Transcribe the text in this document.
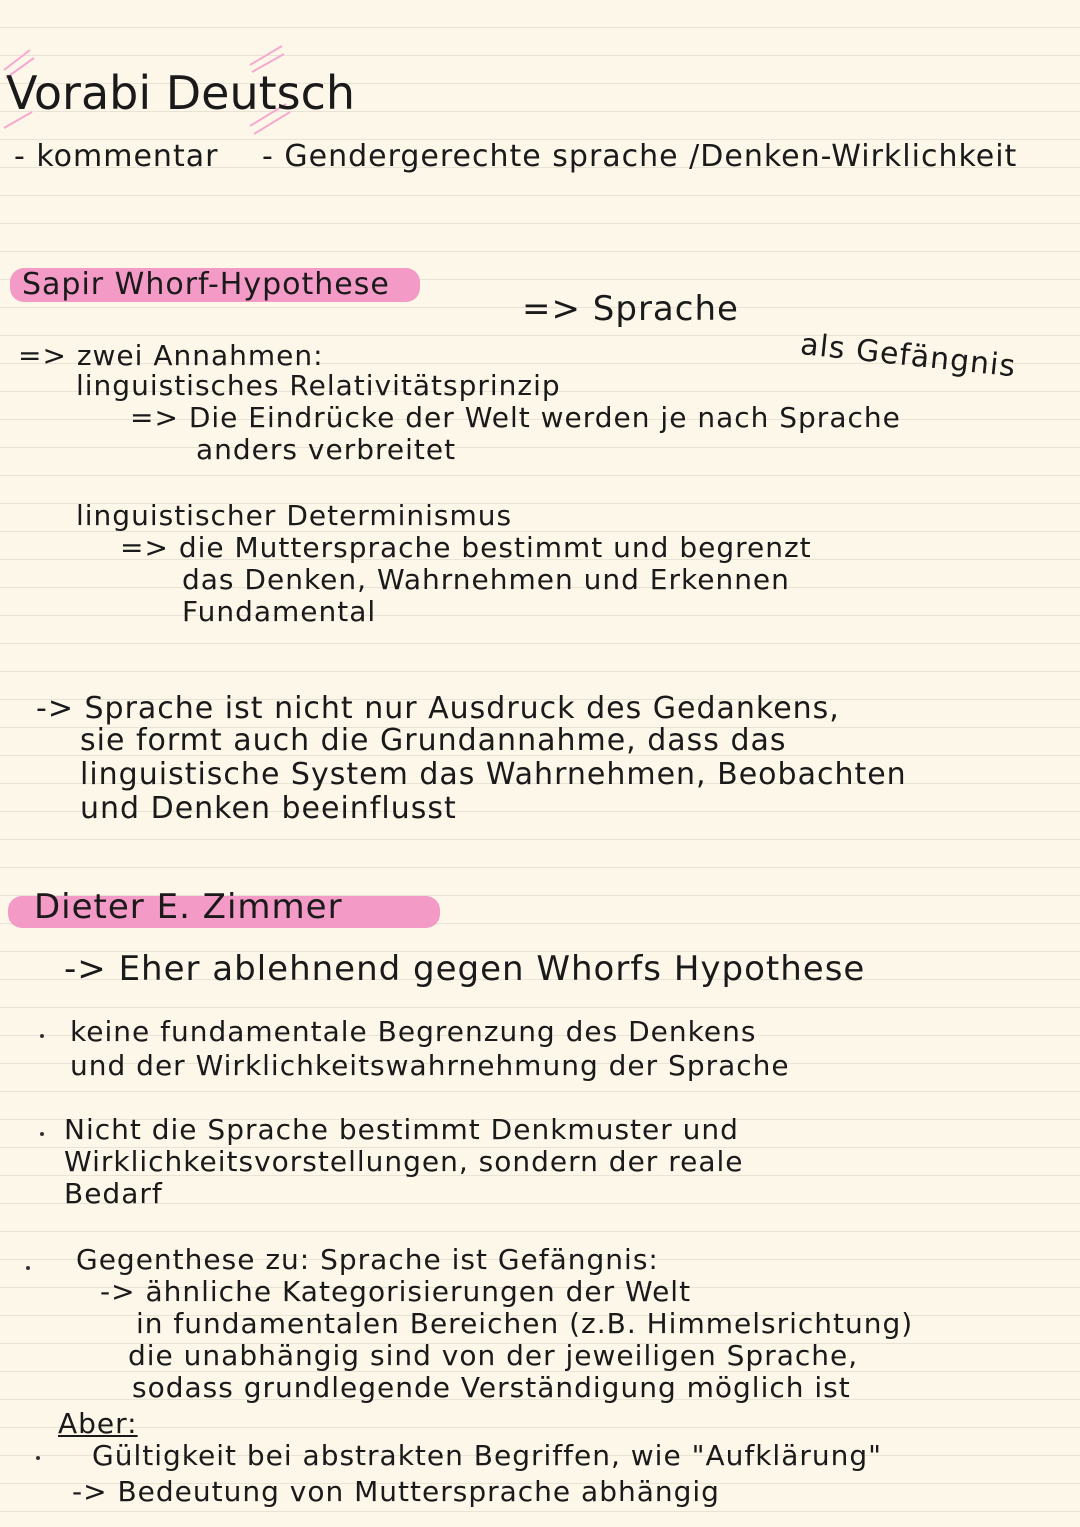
Vorabi Deutsch
- kommentar - Gendergerechte sprache /Denken-Wirklichkeit
Sapir Whorf-Hypothese
=> Sprache
als Gefängnis
=> zwei Annahmen:
linguistisches Relativitätsprinzip
=> Die Eindrücke der Welt werden je nach Sprache
anders verbreitet
linguistischer Determinismus
=> die Muttersprache bestimmt und begrenzt
das Denken, Wahrnehmen und Erkennen
Fundamental
-> Sprache ist nicht nur Ausdruck des Gedankens,
sie formt auch die Grundannahme, dass das
linguistische System das Wahrnehmen, Beobachten
und Denken beeinflusst
Dieter E. Zimmer
-> Eher ablehnend gegen Whorfs Hypothese
keine fundamentale Begrenzung des Denkens
und der Wirklichkeitswahrnehmung der Sprache
Nicht die Sprache bestimmt Denkmuster und
Wirklichkeitsvorstellungen, sondern der reale
Bedarf
Gegenthese zu: Sprache ist Gefängnis:
-> ähnliche Kategorisierungen der Welt
in fundamentalen Bereichen (z.B. Himmelsrichtung)
die unabhängig sind von der jeweiligen Sprache,
sodass grundlegende Verständigung möglich ist
Aber:
Gültigkeit bei abstrakten Begriffen, wie "Aufklärung"
-> Bedeutung von Muttersprache abhängig
